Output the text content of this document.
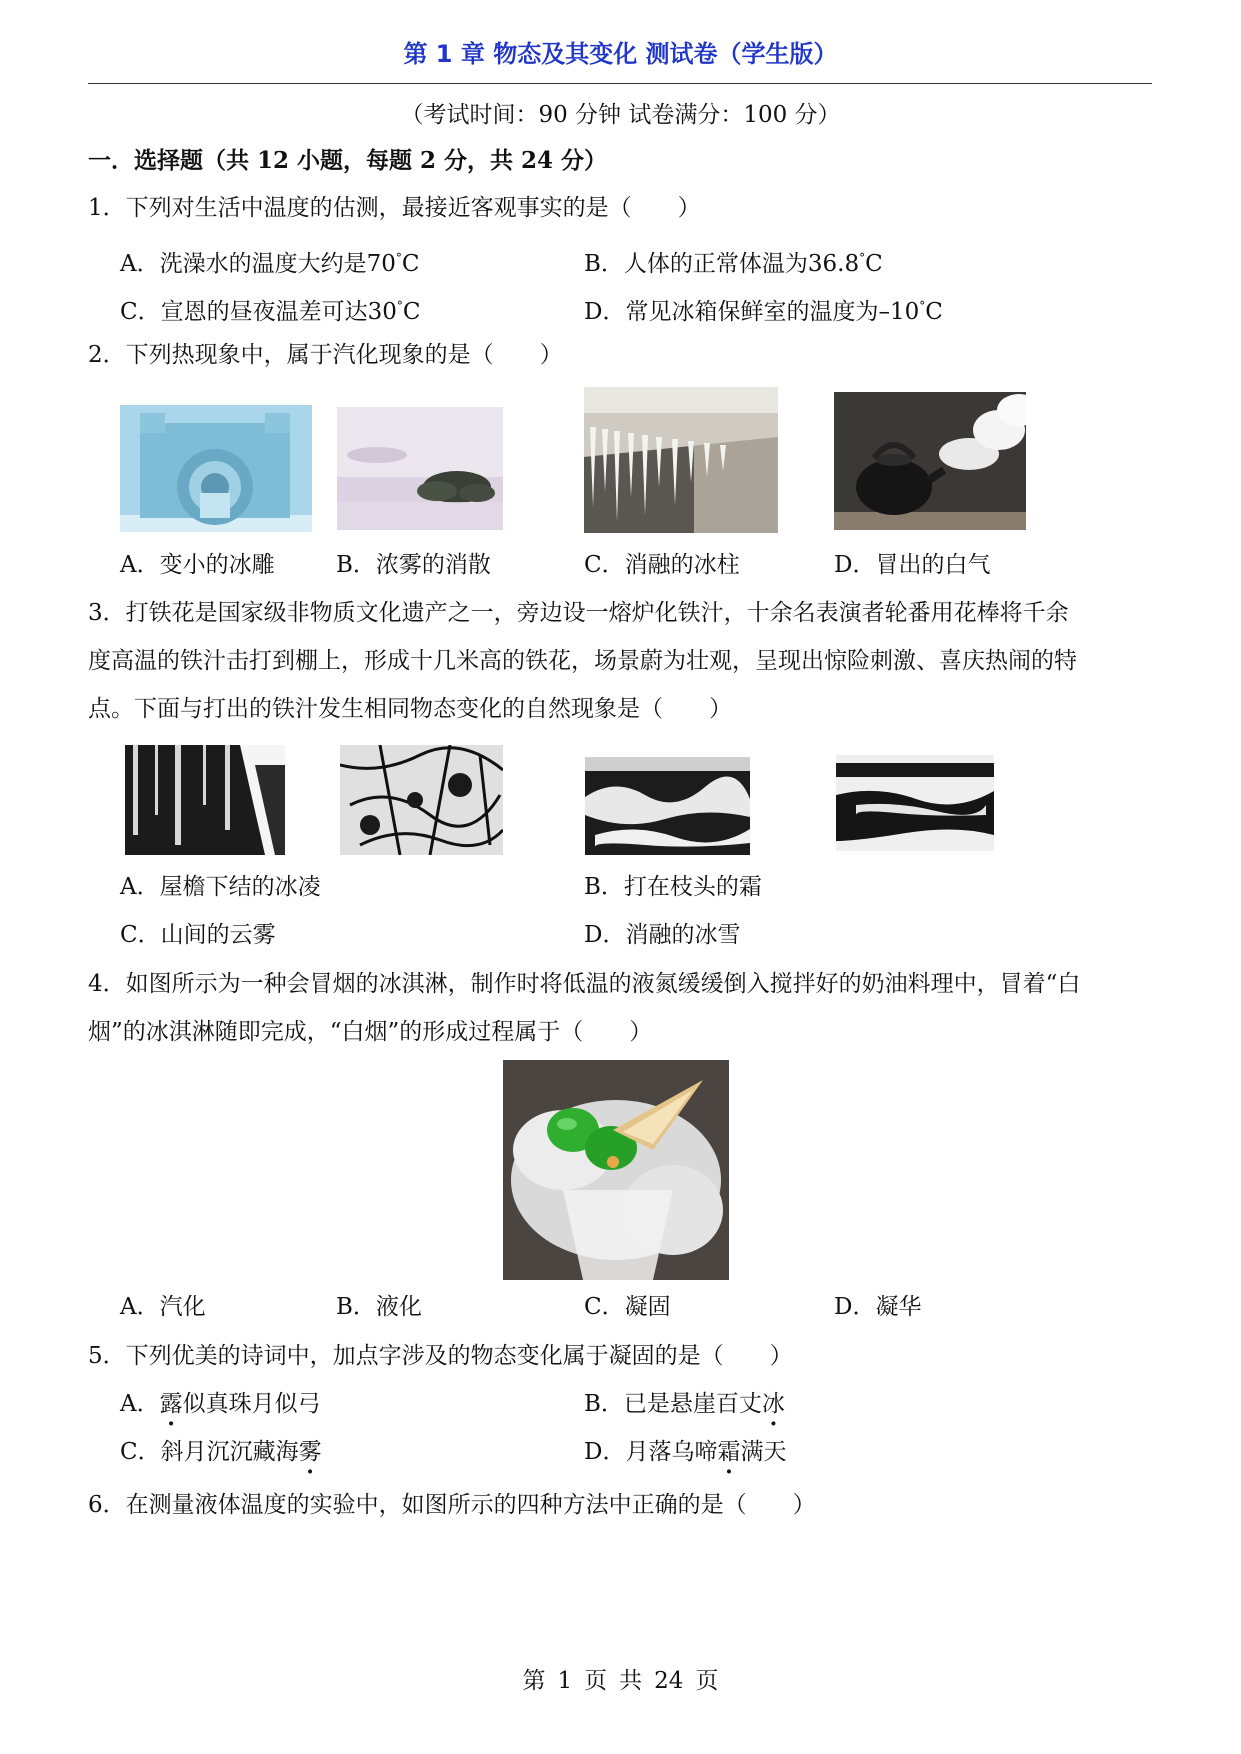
第 1 章 物态及其变化 测试卷（学生版）
（考试时间：90 分钟 试卷满分：100 分）
一．选择题（共 12 小题，每题 2 分，共 24 分）
1．下列对生活中温度的估测，最接近客观事实的是（　　）
A．洗澡水的温度大约是70°C	B．人体的正常体温为36.8°C
C．宣恩的昼夜温差可达30°C	D．常见冰箱保鲜室的温度为–10°C
2．下列热现象中，属于汽化现象的是（　　）
A．变小的冰雕	B．浓雾的消散	C．消融的冰柱	D．冒出的白气
3．打铁花是国家级非物质文化遗产之一，旁边设一熔炉化铁汁，十余名表演者轮番用花棒将千余
度高温的铁汁击打到棚上，形成十几米高的铁花，场景蔚为壮观，呈现出惊险刺激、喜庆热闹的特
点。下面与打出的铁汁发生相同物态变化的自然现象是（　　）
A．屋檐下结的冰凌	B．打在枝头的霜
C．山间的云雾	D．消融的冰雪
4．如图所示为一种会冒烟的冰淇淋，制作时将低温的液氮缓缓倒入搅拌好的奶油料理中，冒着“白
烟”的冰淇淋随即完成，“白烟”的形成过程属于（　　）
A．汽化	B．液化	C．凝固	D．凝华
5．下列优美的诗词中，加点字涉及的物态变化属于凝固的是（　　）
A．露似真珠月似弓	B．已是悬崖百丈冰
C．斜月沉沉藏海雾	D．月落乌啼霜满天
6．在测量液体温度的实验中，如图所示的四种方法中正确的是（　　）
第 1 页 共 24 页
